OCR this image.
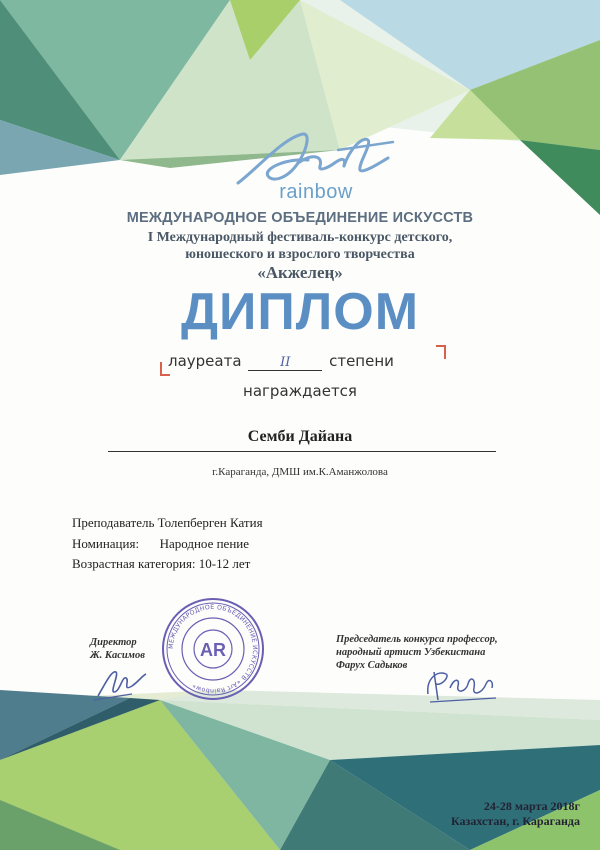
rainbow
МЕЖДУНАРОДНОЕ ОБЪЕДИНЕНИЕ ИСКУССТВ
I Международный фестиваль-конкурс детского,
юношеского и взрослого творчества
«Акжелең»
ДИПЛОМ
лауреата	II	степени
награждается
Семби Дайана
г.Караганда, ДМШ им.К.Аманжолова
Преподаватель Толепберген Катия
Номинация: Народное пение
Возрастная категория: 10-12 лет
Директор
Ж. Касимов
Председатель конкурса профессор,
народный артист Узбекистана
Фарух Садыков
МЕЖДУНАРОДНОЕ ОБЪЕДИНЕНИЕ ИСКУССТВ «Art Rainbow»
AR
24-28 марта 2018г
Казахстан, г. Караганда
